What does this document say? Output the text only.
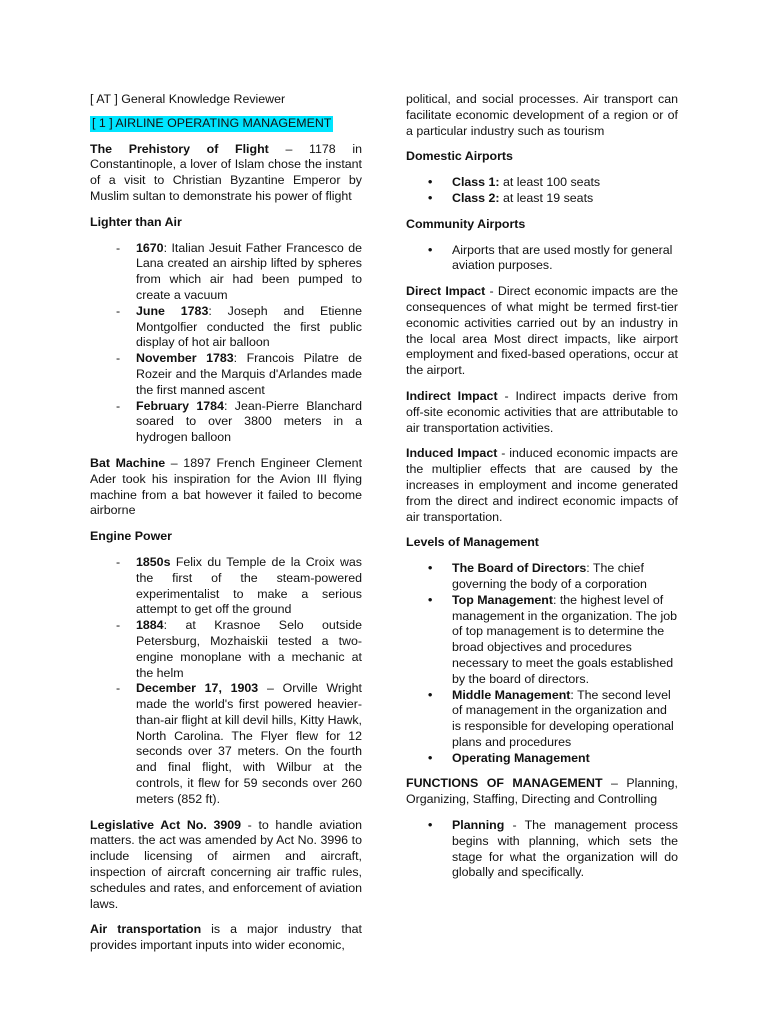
[ AT ] General Knowledge Reviewer

[ 1 ] AIRLINE OPERATING MANAGEMENT

The Prehistory of Flight – 1178 in Constantinople, a lover of Islam chose the instant of a visit to Christian Byzantine Emperor by Muslim sultan to demonstrate his power of flight

Lighter than Air

- 1670: Italian Jesuit Father Francesco de Lana created an airship lifted by spheres from which air had been pumped to create a vacuum
- June 1783: Joseph and Etienne Montgolfier conducted the first public display of hot air balloon
- November 1783: Francois Pilatre de Rozeir and the Marquis d'Arlandes made the first manned ascent
- February 1784: Jean-Pierre Blanchard soared to over 3800 meters in a hydrogen balloon

Bat Machine – 1897 French Engineer Clement Ader took his inspiration for the Avion III flying machine from a bat however it failed to become airborne

Engine Power

- 1850s Felix du Temple de la Croix was the first of the steam-powered experimentalist to make a serious attempt to get off the ground
- 1884: at Krasnoe Selo outside Petersburg, Mozhaiskii tested a two-engine monoplane with a mechanic at the helm
- December 17, 1903 – Orville Wright made the world's first powered heavier-than-air flight at kill devil hills, Kitty Hawk, North Carolina. The Flyer flew for 12 seconds over 37 meters. On the fourth and final flight, with Wilbur at the controls, it flew for 59 seconds over 260 meters (852 ft).

Legislative Act No. 3909 - to handle aviation matters. the act was amended by Act No. 3996 to include licensing of airmen and aircraft, inspection of aircraft concerning air traffic rules, schedules and rates, and enforcement of aviation laws.

Air transportation is a major industry that provides important inputs into wider economic,

political, and social processes. Air transport can facilitate economic development of a region or of a particular industry such as tourism

Domestic Airports

• Class 1: at least 100 seats
• Class 2: at least 19 seats

Community Airports

• Airports that are used mostly for general aviation purposes.

Direct Impact - Direct economic impacts are the consequences of what might be termed first-tier economic activities carried out by an industry in the local area Most direct impacts, like airport employment and fixed-based operations, occur at the airport.

Indirect Impact - Indirect impacts derive from off-site economic activities that are attributable to air transportation activities.

Induced Impact - induced economic impacts are the multiplier effects that are caused by the increases in employment and income generated from the direct and indirect economic impacts of air transportation.

Levels of Management

• The Board of Directors: The chief governing the body of a corporation
• Top Management: the highest level of management in the organization. The job of top management is to determine the broad objectives and procedures necessary to meet the goals established by the board of directors.
• Middle Management: The second level of management in the organization and is responsible for developing operational plans and procedures
• Operating Management

FUNCTIONS OF MANAGEMENT – Planning, Organizing, Staffing, Directing and Controlling

• Planning - The management process begins with planning, which sets the stage for what the organization will do globally and specifically.
